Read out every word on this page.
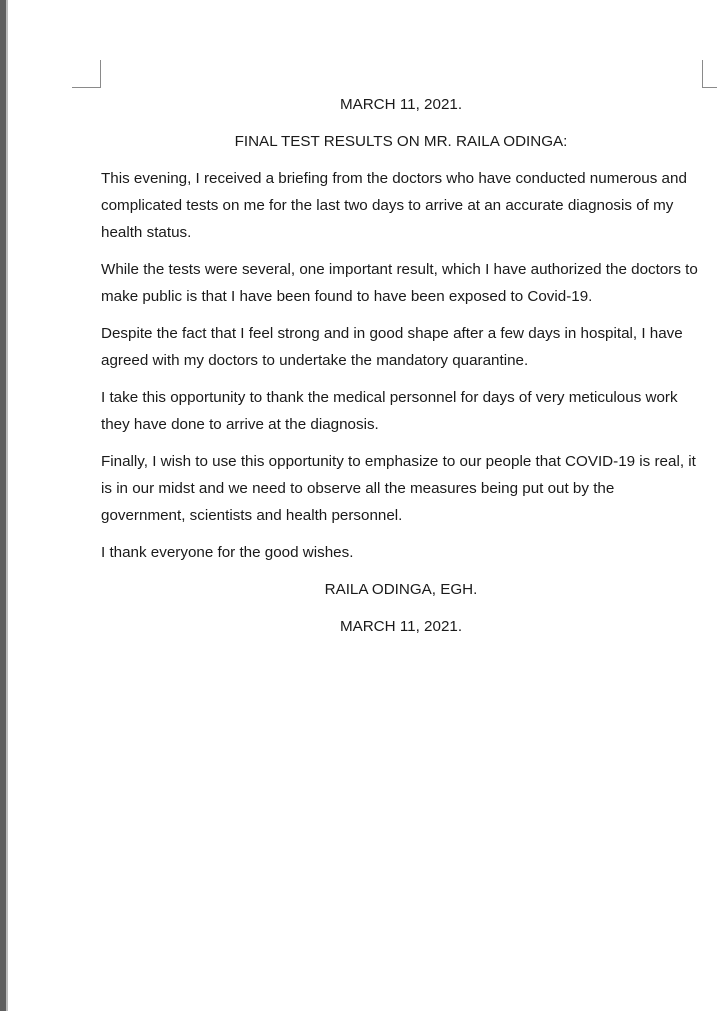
MARCH 11, 2021.

FINAL TEST RESULTS ON MR. RAILA ODINGA:

This evening, I received a briefing from the doctors who have conducted numerous and complicated tests on me for the last two days to arrive at an accurate diagnosis of my health status.

While the tests were several, one important result, which I have authorized the doctors to make public is that I have been found to have been exposed to Covid-19.

Despite the fact that I feel strong and in good shape after a few days in hospital, I have agreed with my doctors to undertake the mandatory quarantine.

I take this opportunity to thank the medical personnel for days of very meticulous work they have done to arrive at the diagnosis.

Finally, I wish to use this opportunity to emphasize to our people that COVID-19 is real, it is in our midst and we need to observe all the measures being put out by the government, scientists and health personnel.

I thank everyone for the good wishes.

RAILA ODINGA, EGH.

MARCH 11, 2021.
